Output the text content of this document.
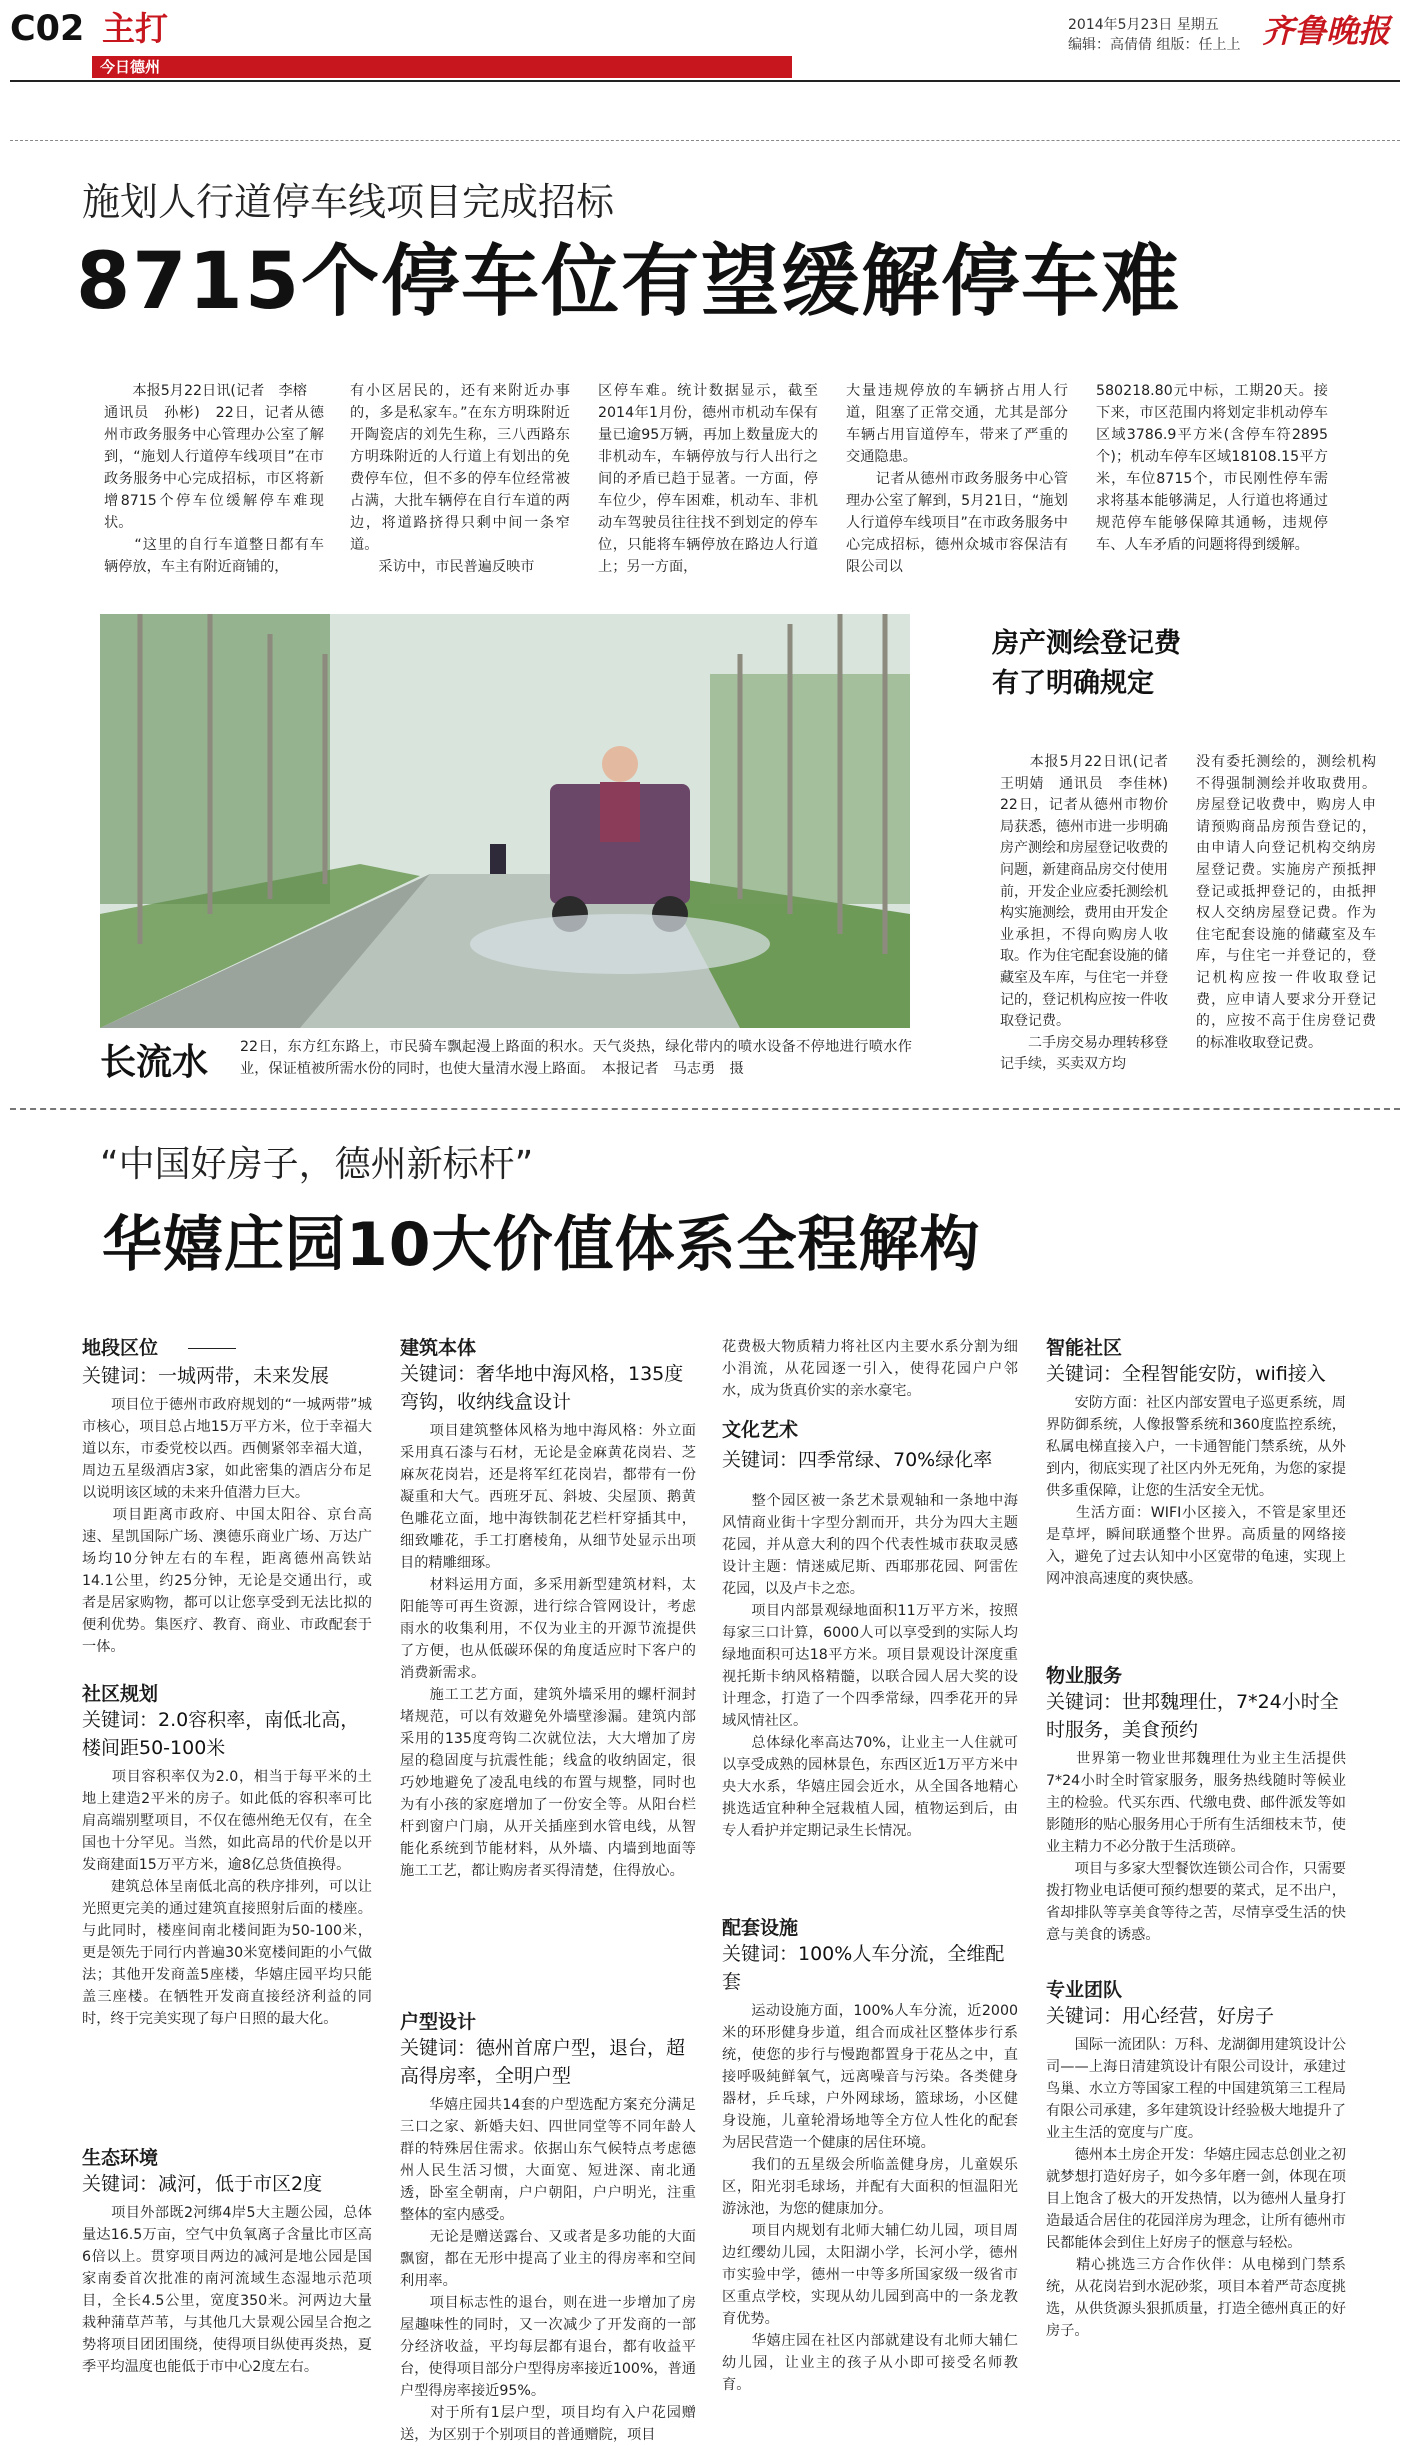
C02 主打
今日德州
2014年5月23日 星期五
编辑：高倩倩 组版：任上上 齐鲁晚报
施划人行道停车线项目完成招标
8715个停车位有望缓解停车难
　　本报5月22日讯(记者　李榕
通讯员　孙彬)　22日，记者从德州市政务服务中心管理办公室了解到，“施划人行道停车线项目”在市政务服务中心完成招标，市区将新增8715个停车位缓解停车难现状。
　　“这里的自行车道整日都有车辆停放，车主有附近商铺的，
有小区居民的，还有来附近办事的，多是私家车。”在东方明珠附近开陶瓷店的刘先生称，三八西路东方明珠附近的人行道上有划出的免费停车位，但不多的停车位经常被占满，大批车辆停在自行车道的两边，将道路挤得只剩中间一条窄道。
　　采访中，市民普遍反映市
区停车难。统计数据显示，截至2014年1月份，德州市机动车保有量已逾95万辆，再加上数量庞大的非机动车，车辆停放与行人出行之间的矛盾已趋于显著。一方面，停车位少，停车困难，机动车、非机动车驾驶员往往找不到划定的停车位，只能将车辆停放在路边人行道上；另一方面，
大量违规停放的车辆挤占用人行道，阻塞了正常交通，尤其是部分车辆占用盲道停车，带来了严重的交通隐患。
　　记者从德州市政务服务中心管理办公室了解到，5月21日，“施划人行道停车线项目”在市政务服务中心完成招标，德州众城市容保洁有限公司以
580218.80元中标，工期20天。接下来，市区范围内将划定非机动停车区域3786.9平方米(含停车符2895个)；机动车停车区域18108.15平方米，车位8715个，市民刚性停车需求将基本能够满足，人行道也将通过规范停车能够保障其通畅，违规停车、人车矛盾的问题将得到缓解。
长流水 22日，东方红东路上，市民骑车飘起漫上路面的积水。天气炎热，绿化带内的喷水设备不停地进行喷水作业，保证植被所需水份的同时，也使大量清水漫上路面。　本报记者　马志勇　摄
房产测绘登记费
有了明确规定
　　本报5月22日讯(记者　王明婧　通讯员　李佳林)　22日，记者从德州市物价局获悉，德州市进一步明确房产测绘和房屋登记收费的问题，新建商品房交付使用前，开发企业应委托测绘机构实施测绘，费用由开发企业承担，不得向购房人收取。作为住宅配套设施的储藏室及车库，与住宅一并登记的，登记机构应按一件收取登记费。
　　二手房交易办理转移登记手续，买卖双方均
没有委托测绘的，测绘机构不得强制测绘并收取费用。房屋登记收费中，购房人申请预购商品房预告登记的，由申请人向登记机构交纳房屋登记费。实施房产预抵押登记或抵押登记的，由抵押权人交纳房屋登记费。作为住宅配套设施的储藏室及车库，与住宅一并登记的，登记机构应按一件收取登记费，应申请人要求分开登记的，应按不高于住房登记费的标准收取登记费。
“中国好房子，德州新标杆”
华嬉庄园10大价值体系全程解构
地段区位
关键词：一城两带，未来发展
　　项目位于德州市政府规划的“一城两带”城市核心，项目总占地15万平方米，位于幸福大道以东，市委党校以西。西侧紧邻幸福大道，周边五星级酒店3家，如此密集的酒店分布足以说明该区域的未来升值潜力巨大。
　　项目距离市政府、中国太阳谷、京台高速、星凯国际广场、澳德乐商业广场、万达广场均10分钟左右的车程，距离德州高铁站14.1公里，约25分钟，无论是交通出行，或者是居家购物，都可以让您享受到无法比拟的便利优势。集医疗、教育、商业、市政配套于一体。
社区规划
关键词：2.0容积率，南低北高，楼间距50-100米
　　项目容积率仅为2.0，相当于每平米的土地上建造2平米的房子。如此低的容积率可比肩高端别墅项目，不仅在德州绝无仅有，在全国也十分罕见。当然，如此高昂的代价是以开发商建面15万平方米，逾8亿总货值换得。
　　建筑总体呈南低北高的秩序排列，可以让光照更完美的通过建筑直接照射后面的楼座。与此同时，楼座间南北楼间距为50-100米，更是领先于同行内普遍30米宽楼间距的小气做法；其他开发商盖5座楼，华嬉庄园平均只能盖三座楼。在牺牲开发商直接经济利益的同时，终于完美实现了每户日照的最大化。
生态环境
关键词：减河，低于市区2度
　　项目外部既2河绑4岸5大主题公园，总体量达16.5万亩，空气中负氧离子含量比市区高6倍以上。贯穿项目两边的减河是地公园是国家南委首次批准的南河流域生态湿地示范项目，全长4.5公里，宽度350米。河两边大量栽种蒲草芦苇，与其他几大景观公园呈合抱之势将项目团团围绕，使得项目纵使再炎热，夏季平均温度也能低于市中心2度左右。
建筑本体
关键词：奢华地中海风格，135度弯钩，收纳线盒设计
　　项目建筑整体风格为地中海风格：外立面采用真石漆与石材，无论是金麻黄花岗岩、芝麻灰花岗岩，还是将军红花岗岩，都带有一份凝重和大气。西班牙瓦、斜坡、尖屋顶、鹅黄色雕花立面，地中海铁制花艺栏杆穿插其中，细致雕花，手工打磨棱角，从细节处显示出项目的精雕细琢。
　　材料运用方面，多采用新型建筑材料，太阳能等可再生资源，进行综合管网设计，考虑雨水的收集利用，不仅为业主的开源节流提供了方便，也从低碳环保的角度适应时下客户的消费新需求。
　　施工工艺方面，建筑外墙采用的螺杆洞封堵规范，可以有效避免外墙壁渗漏。建筑内部采用的135度弯钩二次就位法，大大增加了房屋的稳固度与抗震性能；线盒的收纳固定，很巧妙地避免了凌乱电线的布置与规整，同时也为有小孩的家庭增加了一份安全等。从阳台栏杆到窗户门扇，从开关插座到水管电线，从智能化系统到节能材料，从外墙、内墙到地面等施工工艺，都让购房者买得清楚，住得放心。
户型设计
关键词：德州首席户型，退台，超高得房率，全明户型
　　华嬉庄园共14套的户型选配方案充分满足三口之家、新婚夫妇、四世同堂等不同年龄人群的特殊居住需求。依据山东气候特点考虑德州人民生活习惯，大面宽、短进深、南北通透，卧室全朝南，户户朝阳，户户明光，注重整体的室内感受。
　　无论是赠送露台、又或者是多功能的大面飘窗，都在无形中提高了业主的得房率和空间利用率。
　　项目标志性的退台，则在进一步增加了房屋趣味性的同时，又一次减少了开发商的一部分经济收益，平均每层都有退台，都有收益平台，使得项目部分户型得房率接近100%，普通户型得房率接近95%。
　　对于所有1层户型，项目均有入户花园赠送，为区别于个别项目的普通赠院，项目
花费极大物质精力将社区内主要水系分割为细小涓流，从花园逐一引入，使得花园户户邻水，成为货真价实的亲水豪宅。

　　整个园区被一条艺术景观轴和一条地中海风情商业街十字型分割而开，共分为四大主题花园，并从意大利的四个代表性城市获取灵感设计主题：情迷威尼斯、西耶那花园、阿雷佐花园，以及卢卡之恋。
　　项目内部景观绿地面积11万平方米，按照每家三口计算，6000人可以享受到的实际人均绿地面积可达18平方米。项目景观设计深度重视托斯卡纳风格精髓，以联合园人居大奖的设计理念，打造了一个四季常绿，四季花开的异域风情社区。
　　总体绿化率高达70%，让业主一人住就可以享受成熟的园林景色，东西区近1万平方米中央大水系，华嬉庄园会近水，从全国各地精心挑选适宜种种全冠栽植人园，植物运到后，由专人看护并定期记录生长情况。
文化艺术
关键词：四季常绿、70%绿化率
配套设施
关键词：100%人车分流，全维配套
　　运动设施方面，100%人车分流，近2000米的环形健身步道，组合而成社区整体步行系统，使您的步行与慢跑都置身于花丛之中，直接呼吸純鲜氧气，远离噪音与污染。各类健身器材，乒乓球，户外网球场，篮球场，小区健身设施，儿童轮滑场地等全方位人性化的配套为居民营造一个健康的居住环境。
　　我们的五星级会所临盖健身房，儿童娱乐区，阳光羽毛球场，并配有大面积的恒温阳光游泳池，为您的健康加分。
　　项目内规划有北师大辅仁幼儿园，项目周边红缨幼儿园，太阳湖小学，长河小学，德州市实验中学，德州一中等多所国家级一级省市区重点学校，实现从幼儿园到高中的一条龙教育优势。
　　华嬉庄园在社区内部就建设有北师大辅仁幼儿园，让业主的孩子从小即可接受名师教育。
智能社区
关键词：全程智能安防，wifi接入
　　安防方面：社区内部安置电子巡更系统，周界防御系统，人像报警系统和360度监控系统，私属电梯直接入户，一卡通智能门禁系统，从外到内，彻底实现了社区内外无死角，为您的家提供多重保障，让您的生活安全无忧。
　　生活方面：WIFI小区接入，不管是家里还是草坪，瞬间联通整个世界。高质量的网络接入，避免了过去认知中小区宽带的龟速，实现上网冲浪高速度的爽快感。
物业服务
关键词：世邦魏理仕，7*24小时全时服务，美食预约
　　世界第一物业世邦魏理仕为业主生活提供7*24小时全时管家服务，服务热线随时等候业主的检验。代买东西、代缴电费、邮件派发等如影随形的贴心服务用心于所有生活细枝末节，使业主精力不必分散于生活琐碎。
　　项目与多家大型餐饮连锁公司合作，只需要拨打物业电话便可预约想要的菜式，足不出户，省却排队等享美食等待之苦，尽情享受生活的快意与美食的诱惑。
专业团队
关键词：用心经营，好房子
　　国际一流团队：万科、龙湖御用建筑设计公司——上海日清建筑设计有限公司设计，承建过鸟巢、水立方等国家工程的中国建筑第三工程局有限公司承建，多年建筑设计经验极大地提升了业主生活的宽度与广度。
　　德州本土房企开发：华嬉庄园志总创业之初就梦想打造好房子，如今多年磨一剑，体现在项目上饱含了极大的开发热情，以为德州人量身打造最适合居住的花园洋房为理念，让所有德州市民都能体会到住上好房子的惬意与轻松。
　　精心挑选三方合作伙伴：从电梯到门禁系统，从花岗岩到水泥砂浆，项目本着严苛态度挑选，从供货源头狠抓质量，打造全德州真正的好房子。
